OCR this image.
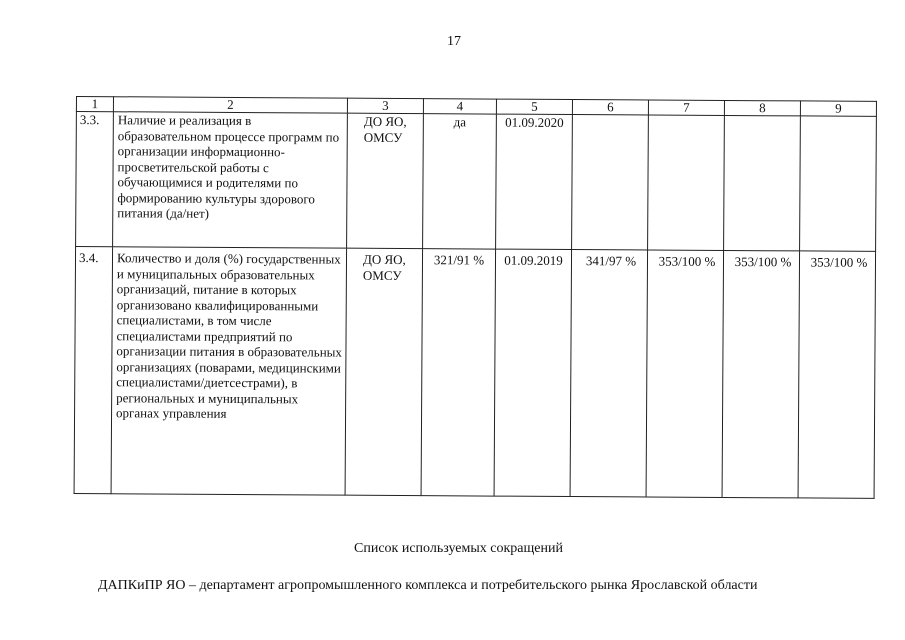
17
1	2	3	4	5	6	7	8	9
3.3.	Наличие и реализация в образовательном процессе программ по организации информационно-просветительской работы с обучающимися и родителями по формированию культуры здорового питания (да/нет)	ДО ЯО, ОМСУ	да	01.09.2020				
3.4.	Количество и доля (%) государственных и муниципальных образовательных организаций, питание в которых организовано квалифицированными специалистами, в том числе специалистами предприятий по организации питания в образовательных организациях (поварами, медицинскими специалистами/диетсестрами), в региональных и муниципальных органах управления	ДО ЯО, ОМСУ	321/91 %	01.09.2019	341/97 %	353/100 %	353/100 %	353/100 %
Список используемых сокращений
ДАПКиПР ЯО – департамент агропромышленного комплекса и потребительского рынка Ярославской области
